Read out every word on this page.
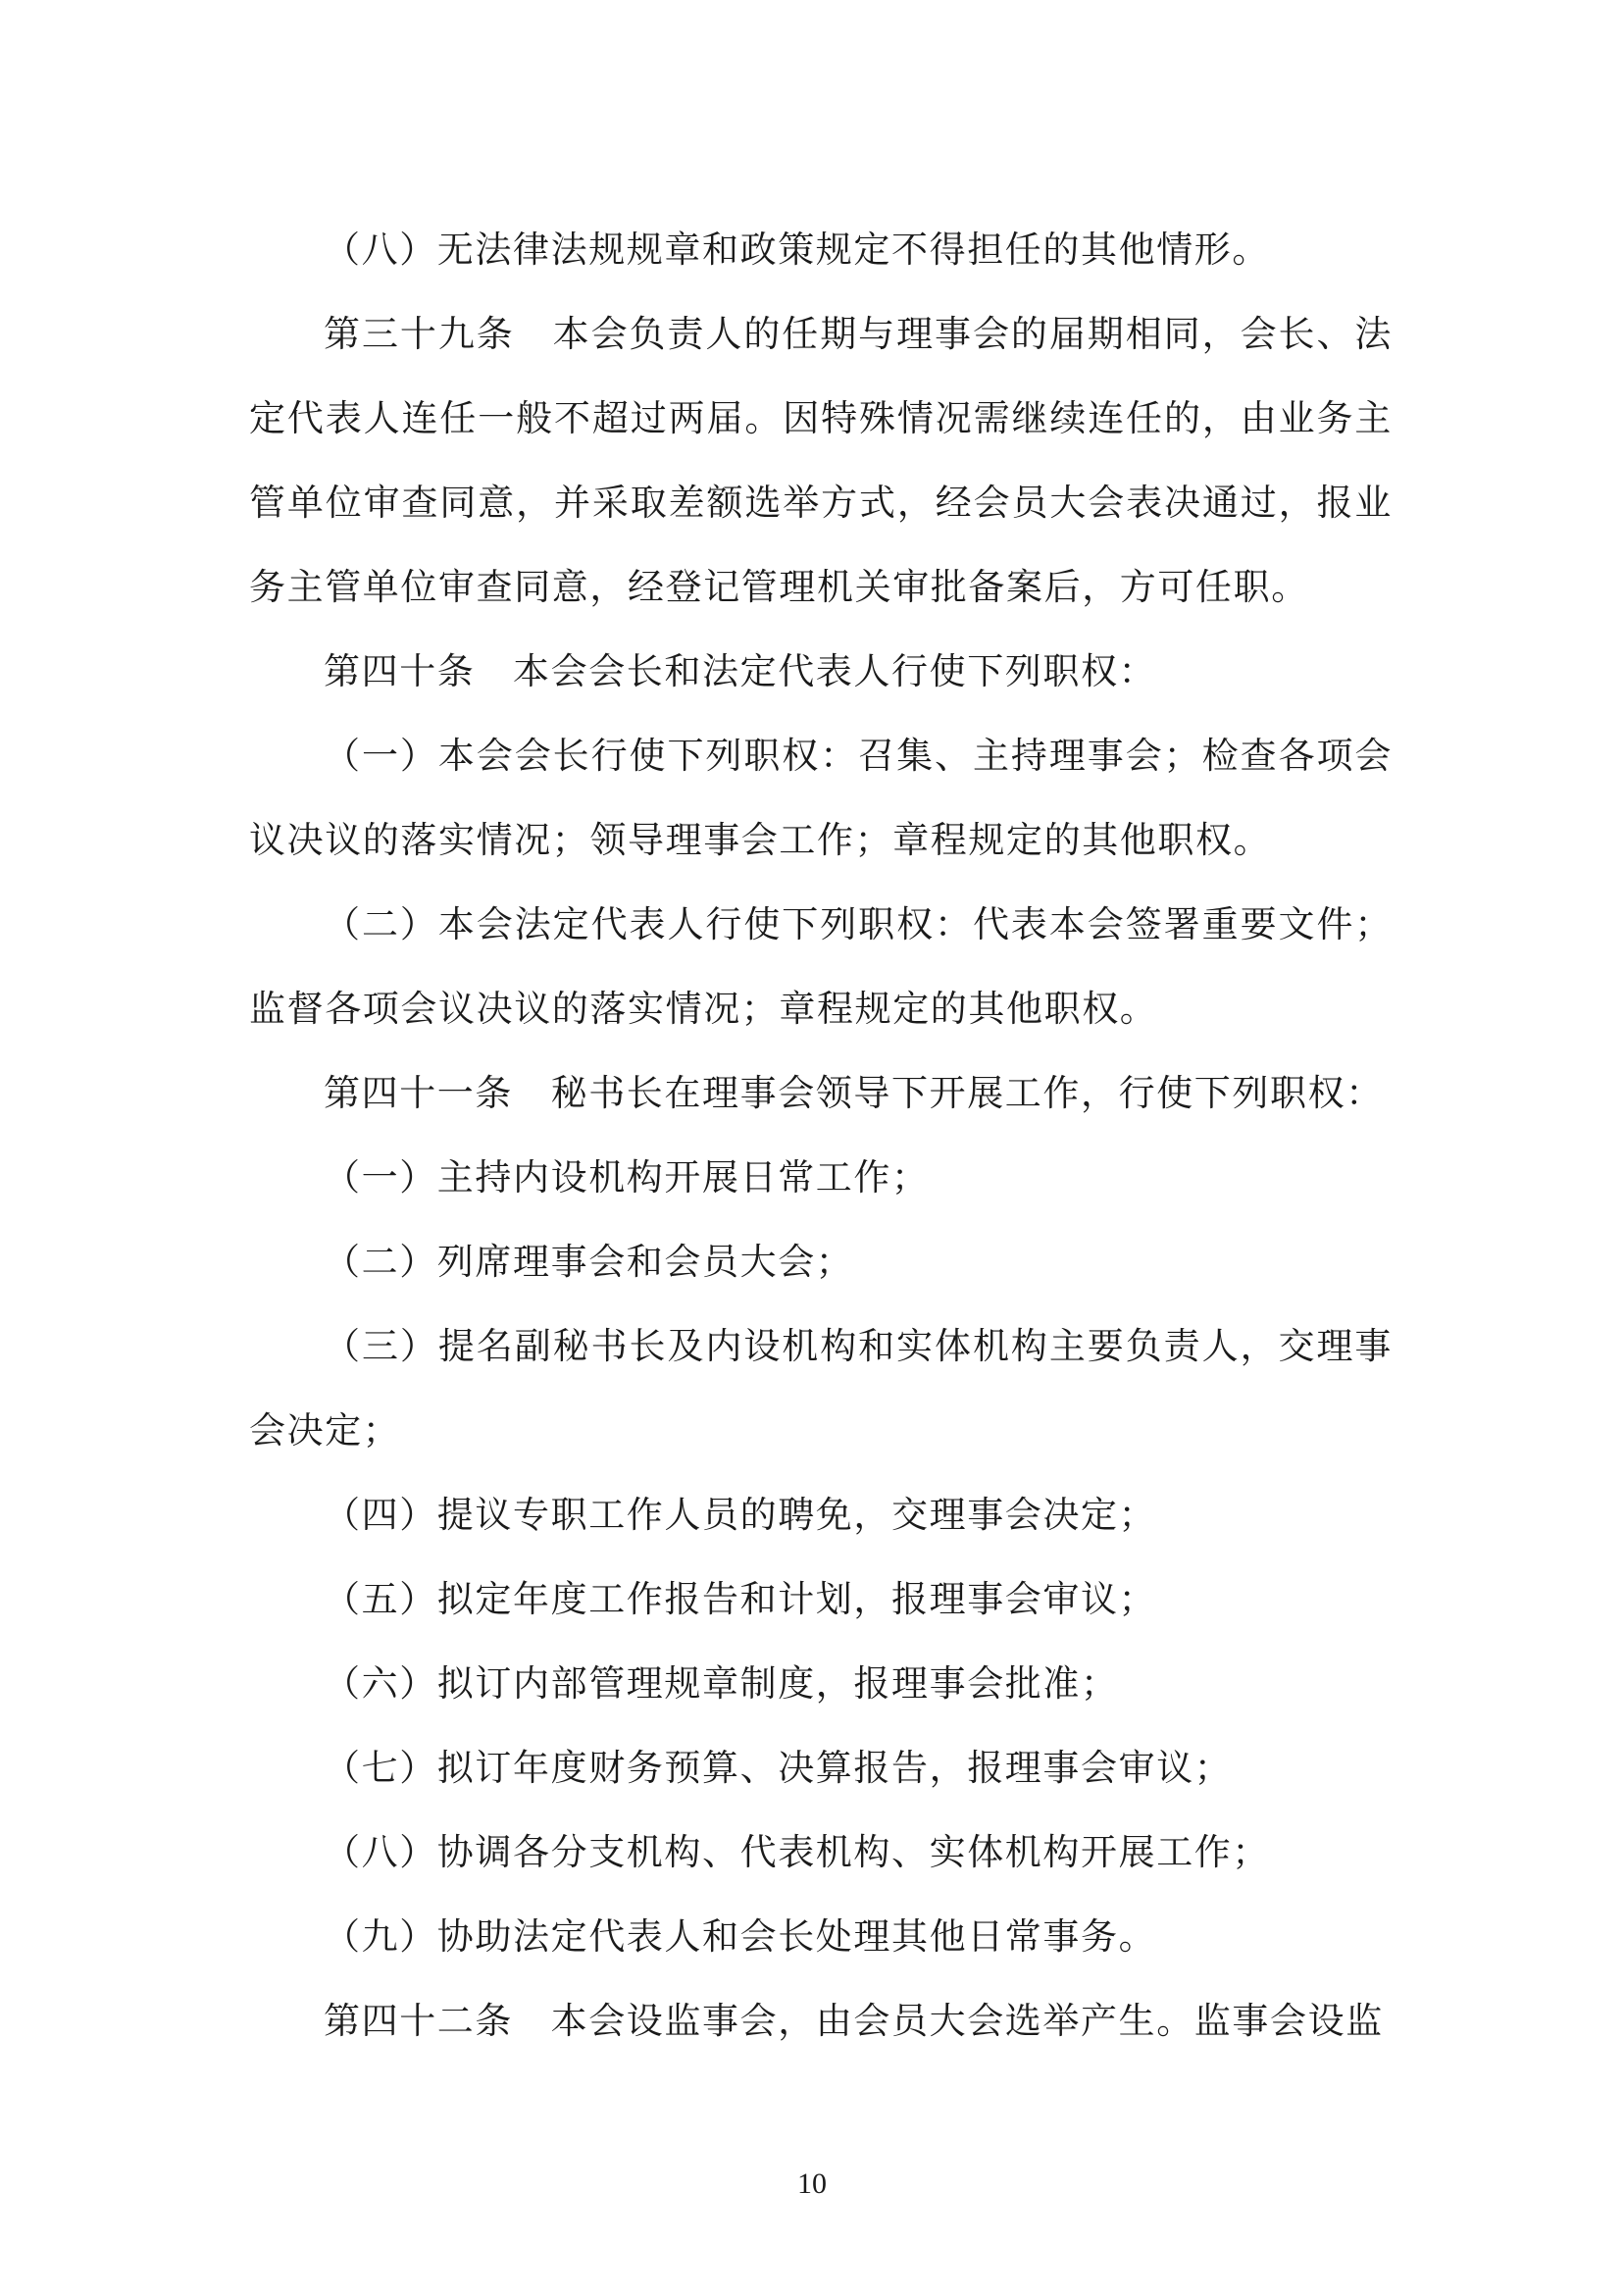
（八）无法律法规规章和政策规定不得担任的其他情形。

第三十九条　本会负责人的任期与理事会的届期相同，会长、法定代表人连任一般不超过两届。因特殊情况需继续连任的，由业务主管单位审查同意，并采取差额选举方式，经会员大会表决通过，报业务主管单位审查同意，经登记管理机关审批备案后，方可任职。

第四十条　本会会长和法定代表人行使下列职权：

（一）本会会长行使下列职权：召集、主持理事会；检查各项会议决议的落实情况；领导理事会工作；章程规定的其他职权。

（二）本会法定代表人行使下列职权：代表本会签署重要文件；监督各项会议决议的落实情况；章程规定的其他职权。

第四十一条　秘书长在理事会领导下开展工作，行使下列职权：

（一）主持内设机构开展日常工作；

（二）列席理事会和会员大会；

（三）提名副秘书长及内设机构和实体机构主要负责人，交理事会决定；

（四）提议专职工作人员的聘免，交理事会决定；

（五）拟定年度工作报告和计划，报理事会审议；

（六）拟订内部管理规章制度，报理事会批准；

（七）拟订年度财务预算、决算报告，报理事会审议；

（八）协调各分支机构、代表机构、实体机构开展工作；

（九）协助法定代表人和会长处理其他日常事务。

第四十二条　本会设监事会，由会员大会选举产生。监事会设监

10
